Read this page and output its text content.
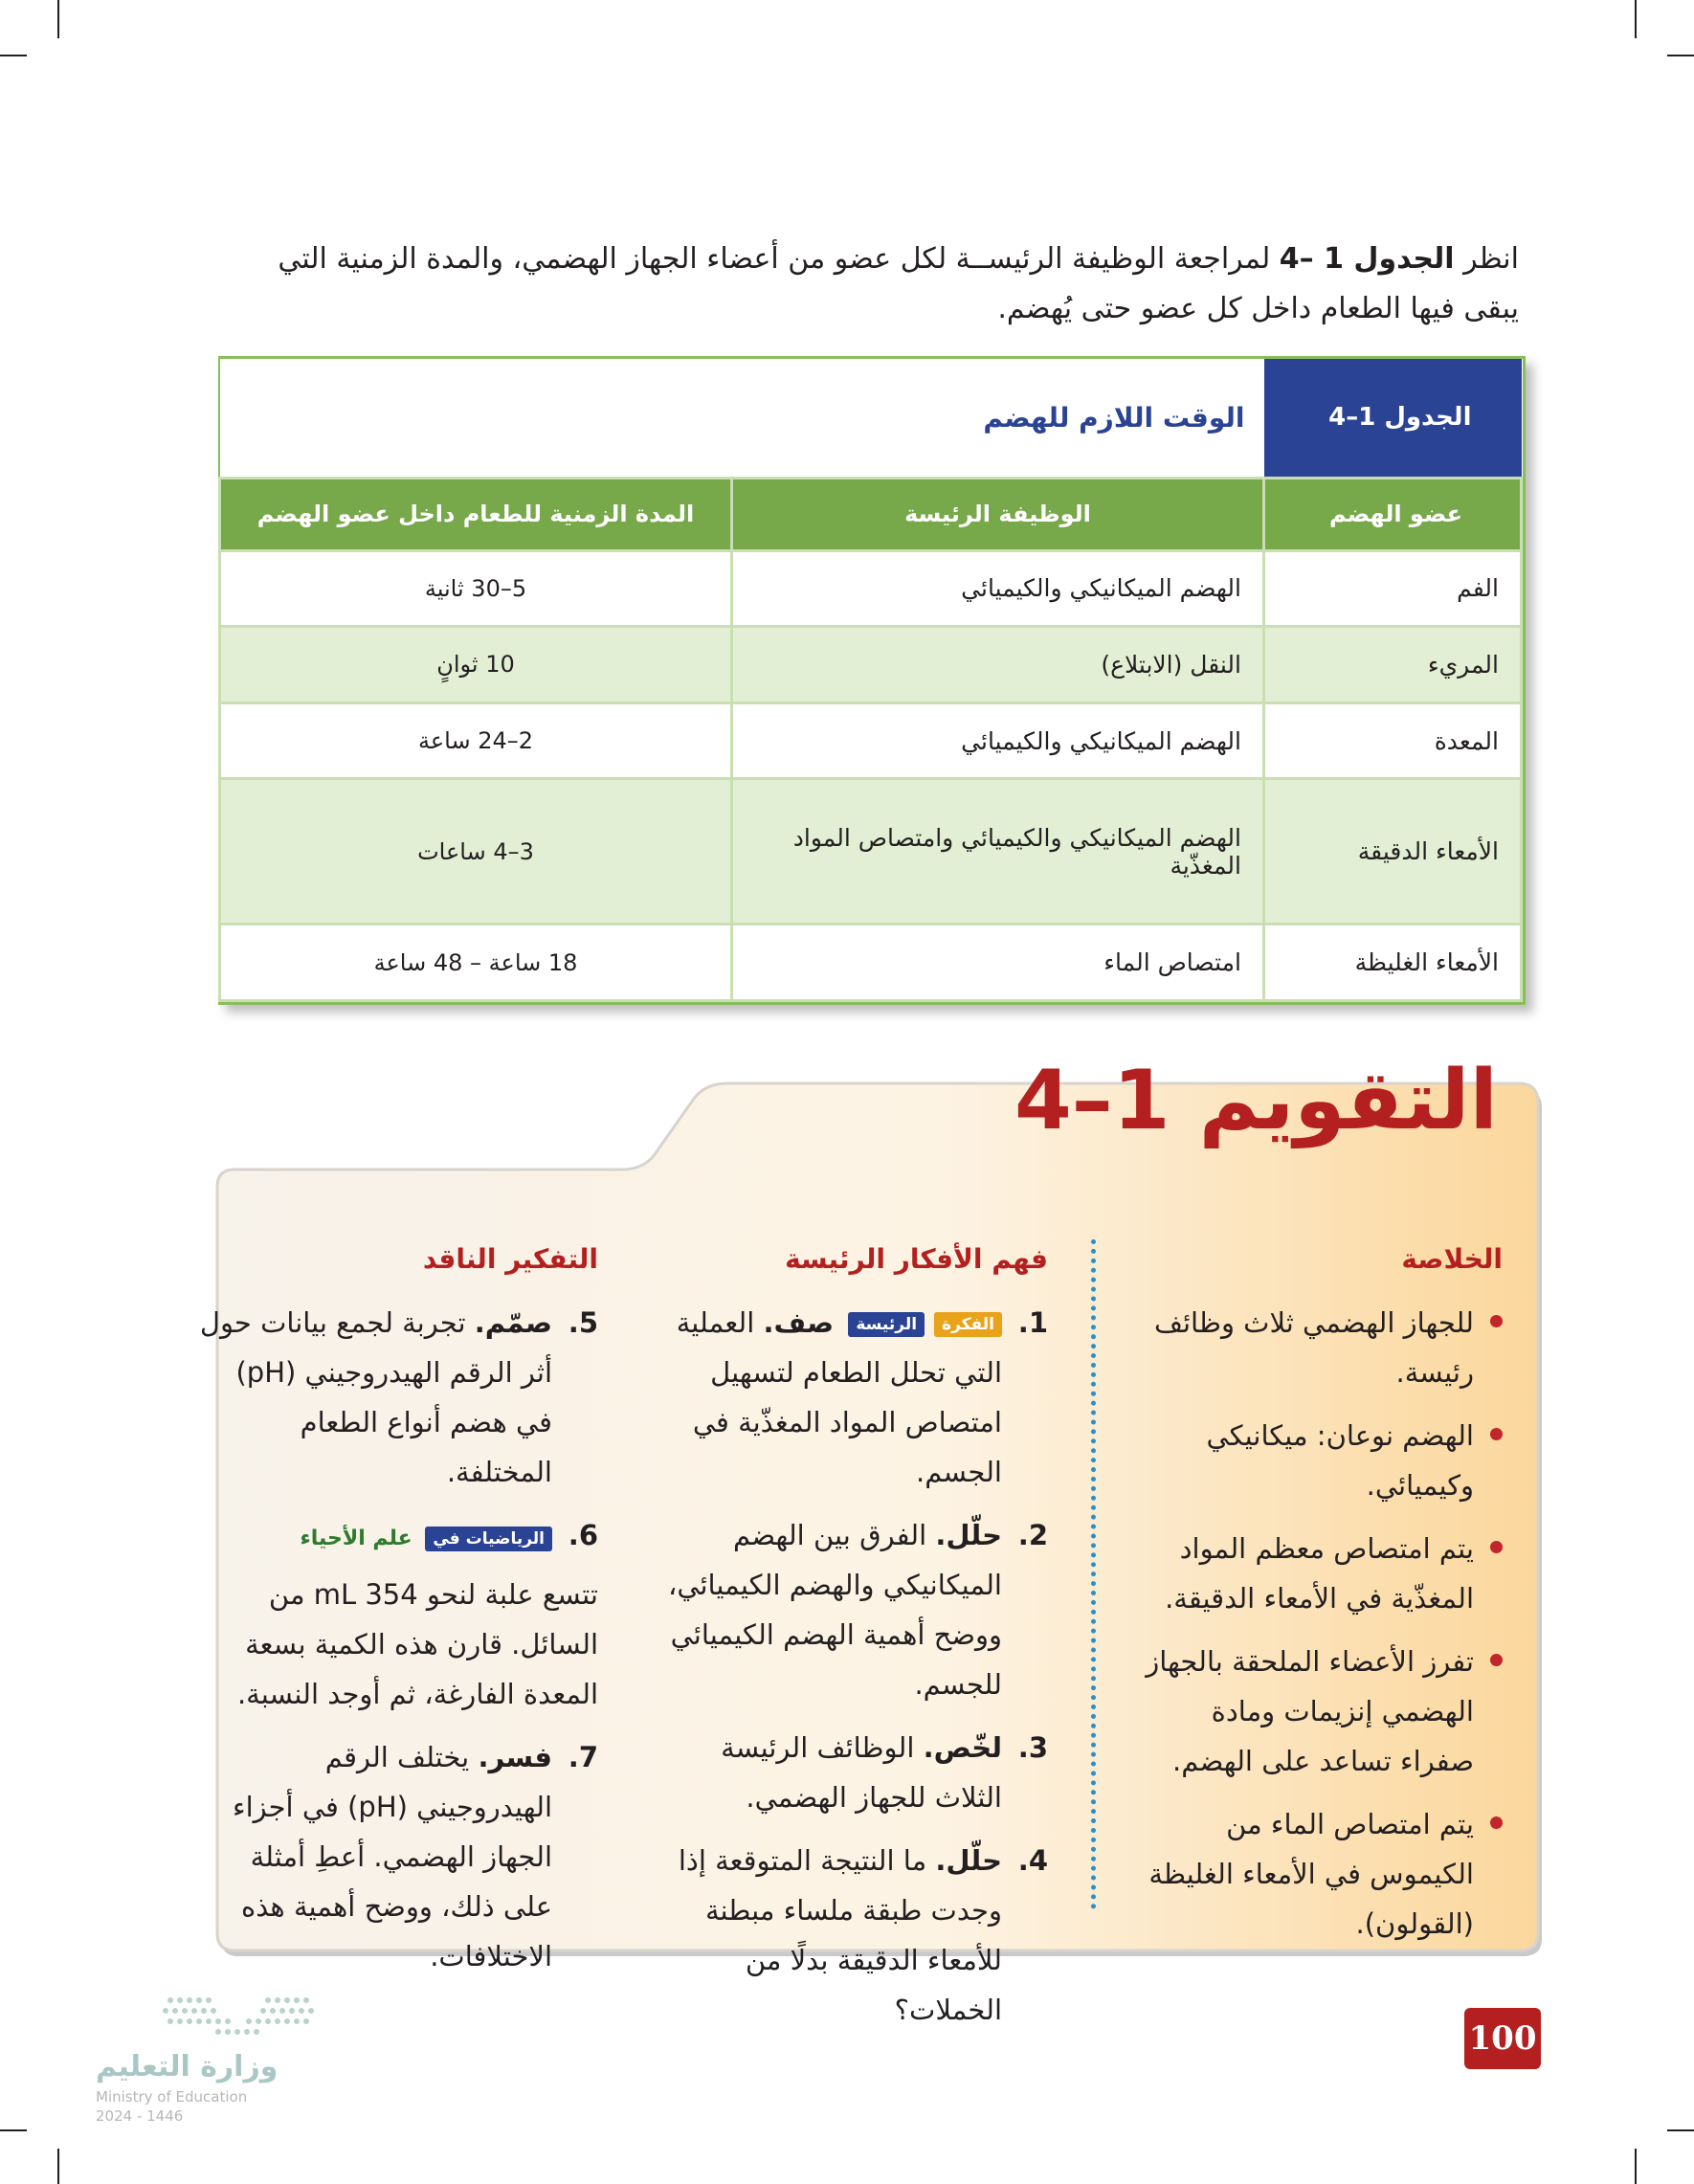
انظر الجدول 1 –4 لمراجعة الوظيفة الرئيســة لكل عضو من أعضاء الجهاز الهضمي، والمدة الزمنية التي يبقى فيها الطعام داخل كل عضو حتى يُهضم.

الجدول 1–4	الوقت اللازم للهضم	
عضو الهضم	الوظيفة الرئيسة	المدة الزمنية للطعام داخل عضو الهضم
الفم	الهضم الميكانيكي والكيميائي	5–30 ثانية
المريء	النقل (الابتلاع)	10 ثوانٍ
المعدة	الهضم الميكانيكي والكيميائي	2–24 ساعة
الأمعاء الدقيقة	الهضم الميكانيكي والكيميائي وامتصاص المواد المغذّية	3–4 ساعات
الأمعاء الغليظة	امتصاص الماء	18 ساعة – 48 ساعة
التقويم 1–4
الخلاصة
للجهاز الهضمي ثلاث وظائف رئيسة.
الهضم نوعان: ميكانيكي وكيميائي.
يتم امتصاص معظم المواد المغذّية في الأمعاء الدقيقة.
تفرز الأعضاء الملحقة بالجهاز الهضمي إنزيمات ومادة صفراء تساعد على الهضم.
يتم امتصاص الماء من الكيموس في الأمعاء الغليظة (القولون).
فهم الأفكار الرئيسة
1.
الفكرة
الرئيسة
صف. العملية التي تحلل الطعام لتسهيل امتصاص المواد المغذّية في الجسم.
2.
حلّل. الفرق بين الهضم الميكانيكي والهضم الكيميائي، ووضح أهمية الهضم الكيميائي للجسم.
3.
لخّص. الوظائف الرئيسة الثلاث للجهاز الهضمي.
4.
حلّل. ما النتيجة المتوقعة إذا وجدت طبقة ملساء مبطنة للأمعاء الدقيقة بدلًا من الخملات؟
التفكير الناقد
5.
صمّم. تجربة لجمع بيانات حول أثر الرقم الهيدروجيني (pH) في هضم أنواع الطعام المختلفة.
6.
الرياضيات في علم الأحياء
تتسع علبة لنحو 354 mL من السائل. قارن هذه الكمية بسعة المعدة الفارغة، ثم أوجد النسبة.
7.
فسر. يختلف الرقم الهيدروجيني (pH) في أجزاء الجهاز الهضمي. أعطِ أمثلة على ذلك، ووضح أهمية هذه الاختلافات.
100
وزارة التعليم
Ministry of Education
2024 - 1446
